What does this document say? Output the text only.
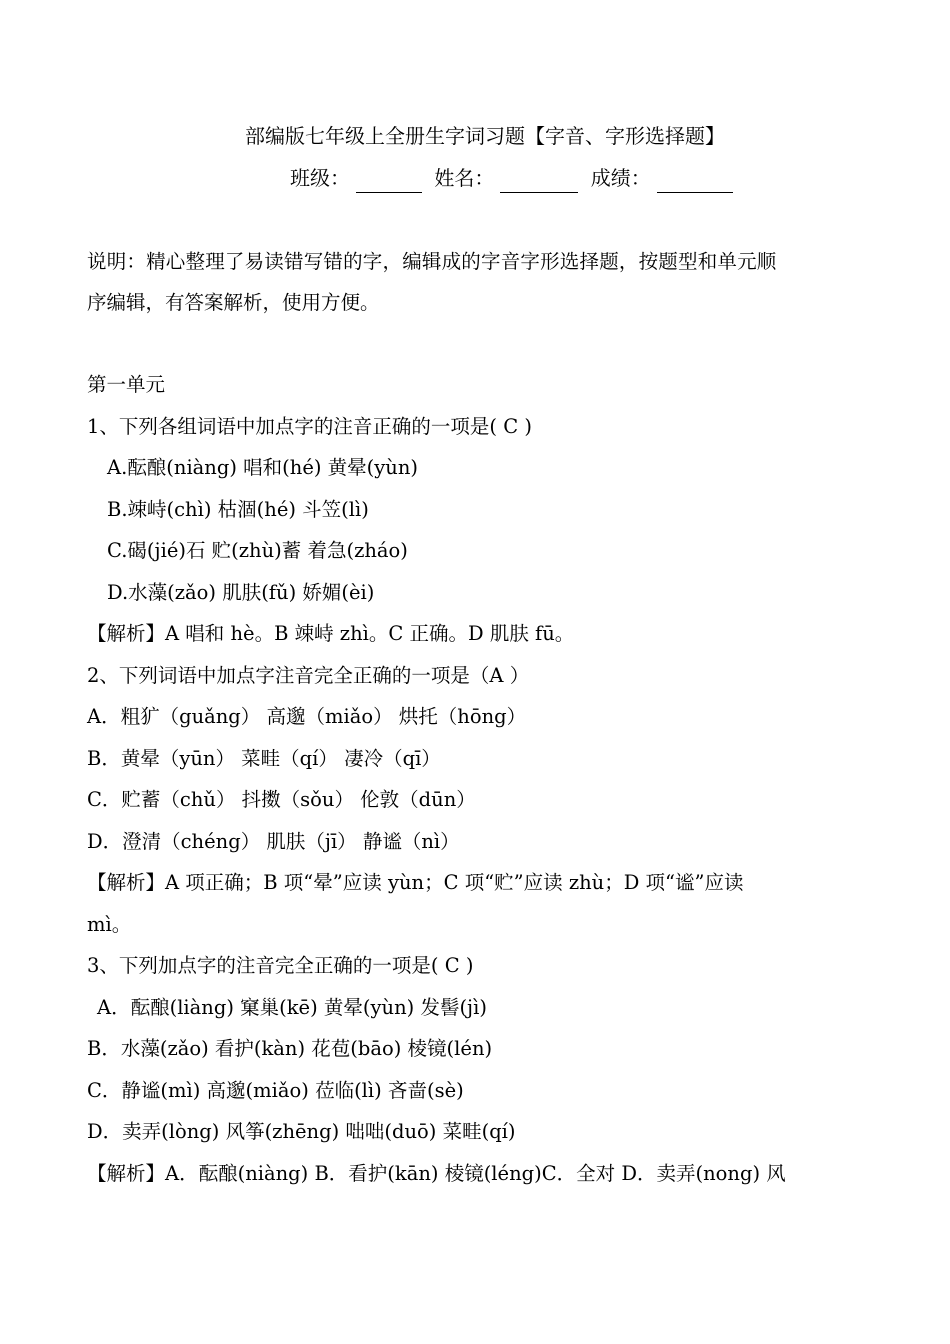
部编版七年级上全册生字词习题【字音、字形选择题】
班级：	姓名：	成绩：
说明：精心整理了易读错写错的字，编辑成的字音字形选择题，按题型和单元顺
序编辑，有答案解析，使用方便。
第一单元
1、下列各组词语中加点字的注音正确的一项是( C )
A.酝酿(niàng) 唱和(hé) 黄晕(yùn)
B.竦峙(chì) 枯涸(hé) 斗笠(lì)
C.碣(jié)石 贮(zhù)蓄 着急(zháo)
D.水藻(zǎo) 肌肤(fǔ) 娇媚(èi)
【解析】A 唱和 hè。B 竦峙 zhì。C 正确。D 肌肤 fū。
2、下列词语中加点字注音完全正确的一项是（A ）
A．粗犷（guǎng） 高邈（miǎo） 烘托（hōng）
B．黄晕（yūn） 菜畦（qí） 凄冷（qī）
C．贮蓄（chǔ） 抖擞（sǒu） 伦敦（dūn）
D．澄清（chéng） 肌肤（jī） 静谧（nì）
【解析】A 项正确；B 项“晕”应读 yùn；C 项“贮”应读 zhù；D 项“谧”应读
mì。
3、下列加点字的注音完全正确的一项是( C )
A．酝酿(liàng) 窠巢(kē) 黄晕(yùn) 发髻(jì)
B．水藻(zǎo) 看护(kàn) 花苞(bāo) 棱镜(lén)
C．静谧(mì) 高邈(miǎo) 莅临(lì) 吝啬(sè)
D．卖弄(lòng) 风筝(zhēng) 咄咄(duō) 菜畦(qí)
【解析】A．酝酿(niàng) B．看护(kān) 棱镜(léng)C．全对 D．卖弄(nong) 风
